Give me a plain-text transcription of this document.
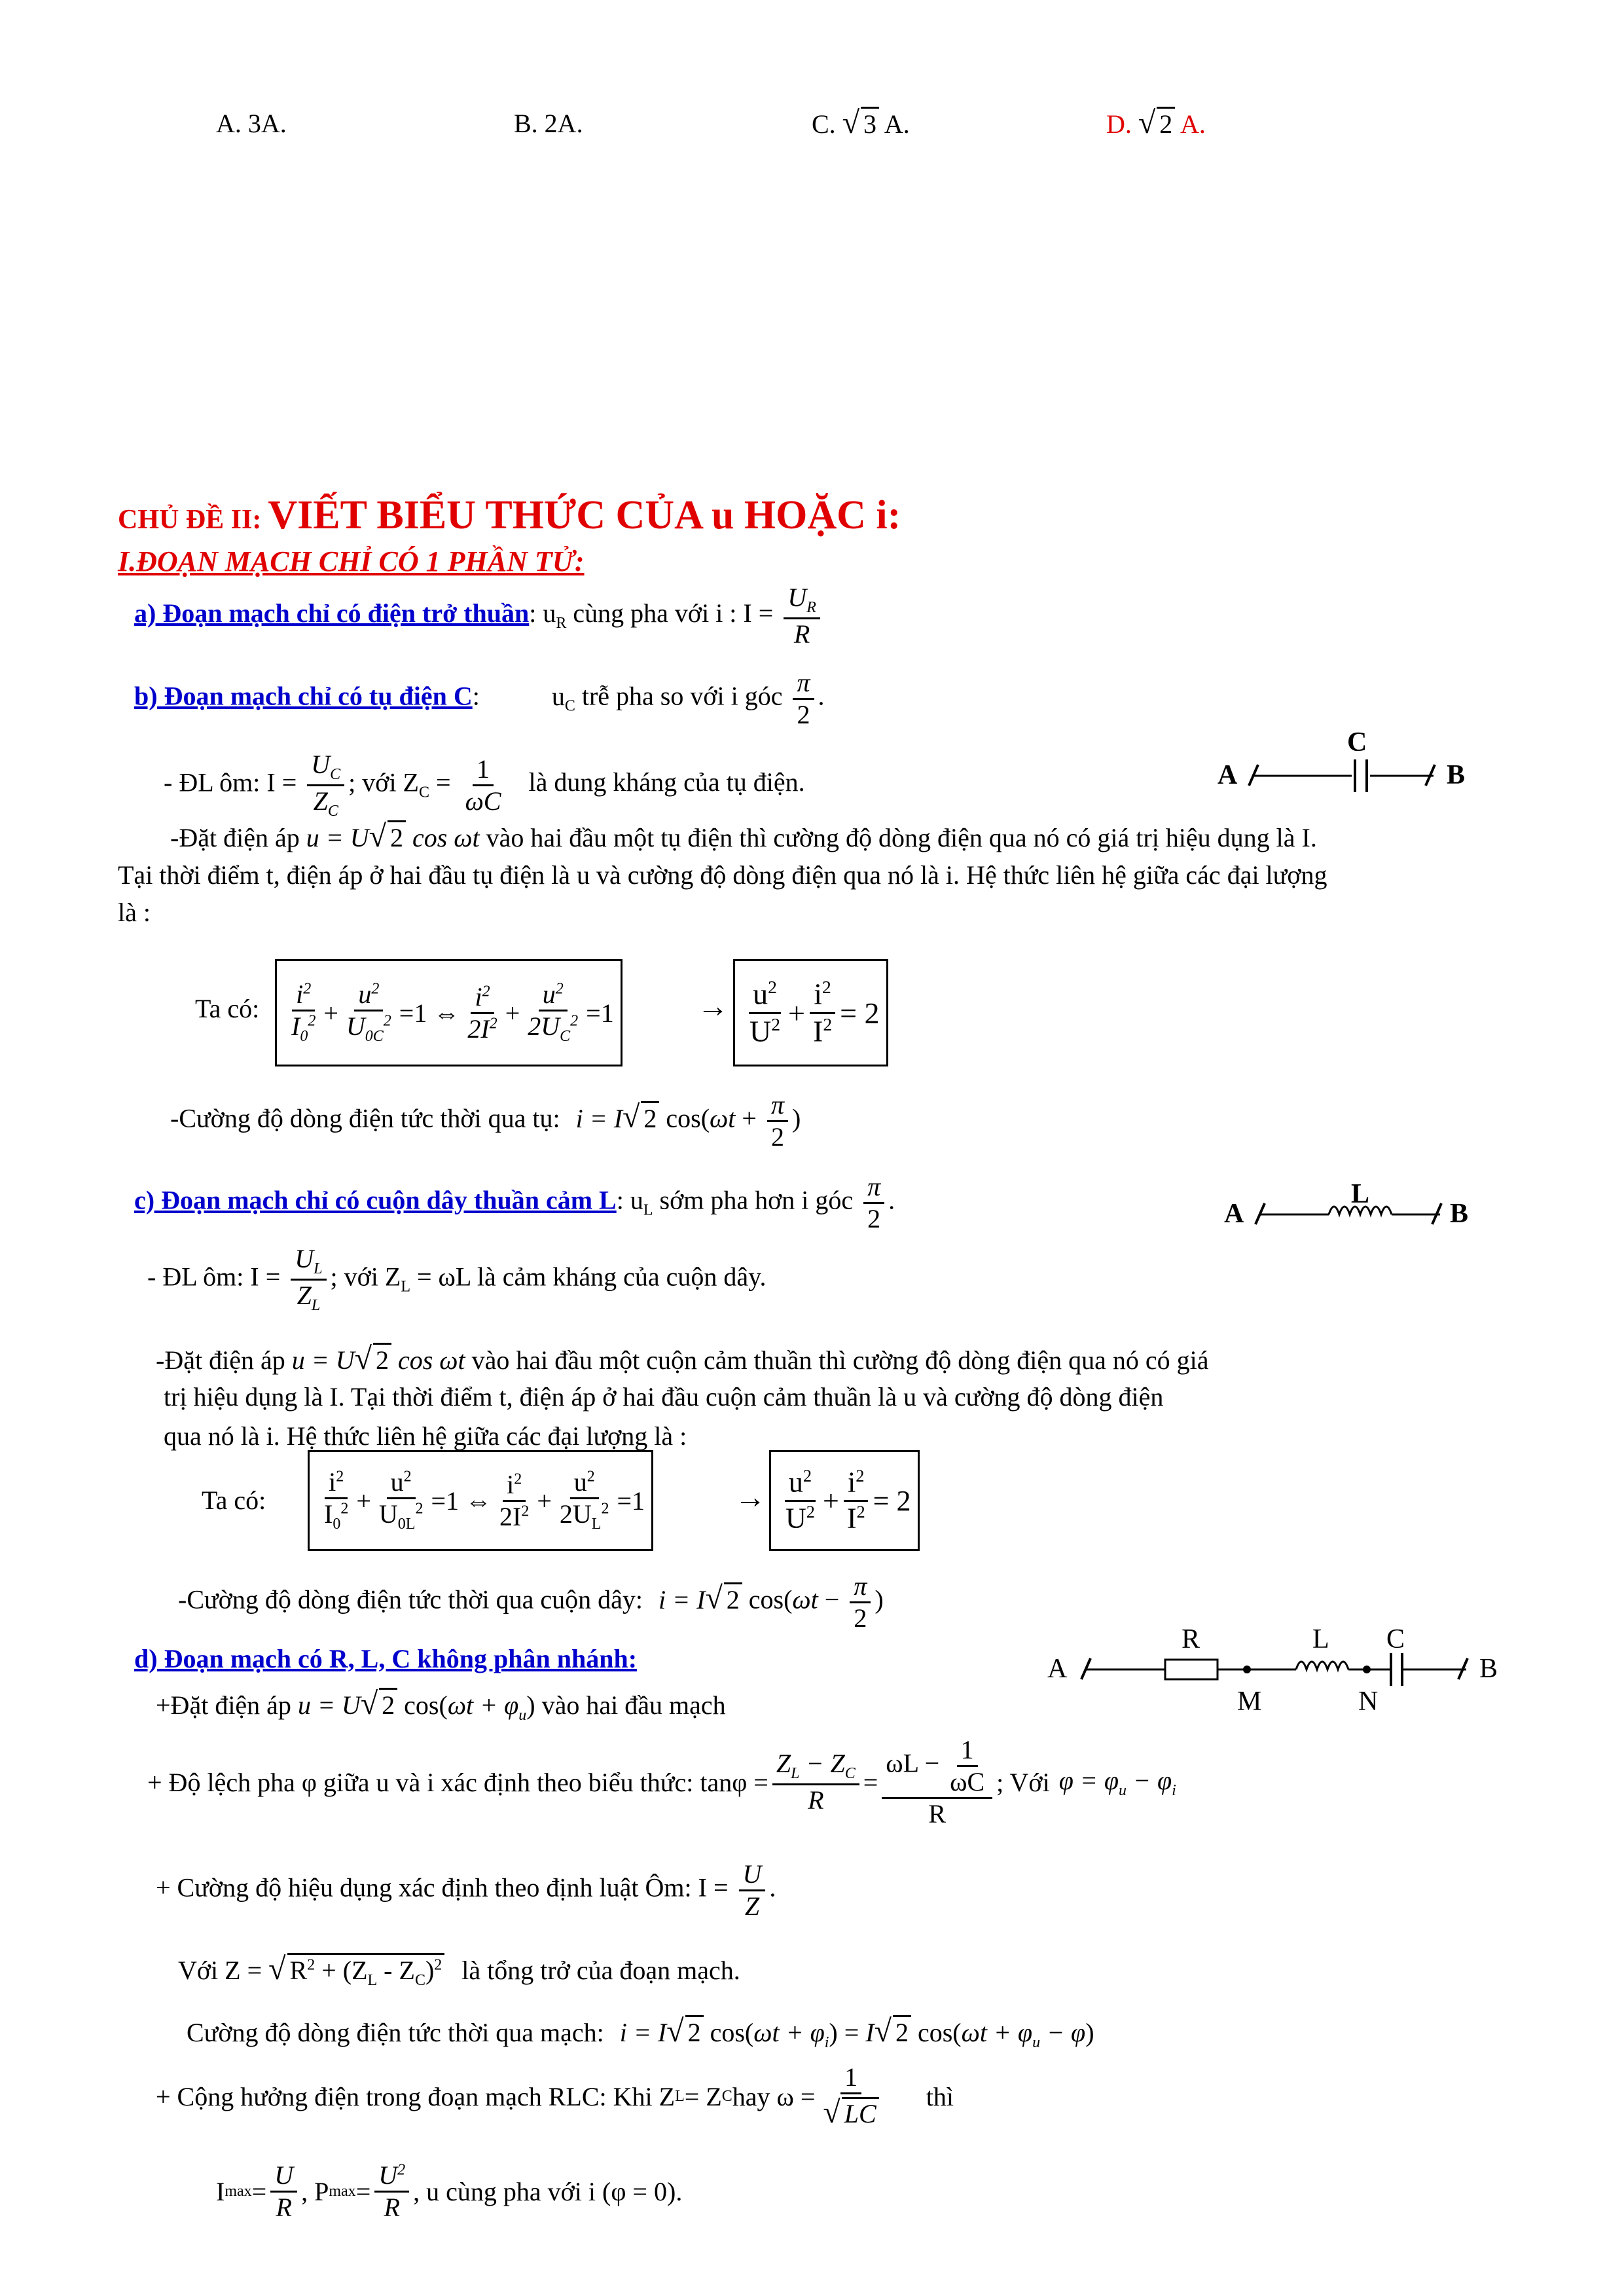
A. 3A.	B. 2A.	C. √ 3 A.	D. √ 2 A.
CHỦ ĐỀ II: VIẾT BIỂU THỨC CỦA u HOẶC i:
I.ĐOẠN MẠCH CHỈ CÓ 1 PHẦN TỬ:
a) Đoạn mạch chỉ có điện trở thuần: $u_R$ cùng pha với i : $I = \frac{U_R}{R}$
b) Đoạn mạch chỉ có tụ điện C:	$u_C$ trễ pha so với i góc $\frac{\pi}{2}$ .
- ĐL ôm: $I = \frac{U_C}{Z_C}$ ; với $Z_C = \frac{1}{\omega C}$ là dung kháng của tụ điện.	A
C
B
-Đặt điện áp u = U√ 2 cos ωt vào hai đầu một tụ điện thì cường độ dòng điện qua nó có giá trị hiệu dụng là I.
Tại thời điểm t, điện áp ở hai đầu tụ điện là u và cường độ dòng điện qua nó là i. Hệ thức liên hệ giữa các đại lượng
là :
Ta có: $\frac{i^2}{I_0^2} + \frac{u^2}{U_{0C}^2} =1$ ⇔ $\frac{i^2}{2I^2} + \frac{u^2}{2U_C^2} =1$	→ $\frac{u^2}{U^2} + \frac{i^2}{I^2} = 2$
-Cường độ dòng điện tức thời qua tụ: i = I√ 2 $\cos(\omega t + \frac{\pi}{2}$ )
c) Đoạn mạch chỉ có cuộn dây thuần cảm L: $u_L$ sớm pha hơn i góc $\frac{\pi}{2}$ .	A
L
B
- ĐL ôm: $I = \frac{U_L}{Z_L}$ ; với $Z_L = \omega L$ là cảm kháng của cuộn dây.
-Đặt điện áp u = U√ 2 cos ωt vào hai đầu một cuộn cảm thuần thì cường độ dòng điện qua nó có giá
trị hiệu dụng là I. Tại thời điểm t, điện áp ở hai đầu cuộn cảm thuần là u và cường độ dòng điện
qua nó là i. Hệ thức liên hệ giữa các đại lượng là :
Ta có: $\frac{i^2}{I_0^2} + \frac{u^2}{U_{0L}^2} =1$ ⇔ $\frac{i^2}{2I^2} + \frac{u^2}{2U_L^2} =1$	→ $\frac{u^2}{U^2} + \frac{i^2}{I^2} = 2$
-Cường độ dòng điện tức thời qua cuộn dây: i = I√ 2 $\cos(\omega t - \frac{\pi}{2}$ )
d) Đoạn mạch có R, L, C không phân nhánh:	A
R	L C
B
M	N
+Đặt điện áp u = U√ 2 $\cos(\omega t + \varphi_u)$ vào hai đầu mạch
+ Độ lệch pha φ giữa u và i xác định theo biểu thức: $\tan\varphi = \frac{Z_L - Z_C}{R} = \frac{\omega L - \frac{1}{\omega C}}{R}$ ; Với $\varphi = \varphi_u - \varphi_i$
+ Cường độ hiệu dụng xác định theo định luật Ôm: $I = \frac{U}{Z}$ .
Với Z = √ $R^2 + (Z_L - Z_C)^2$ là tổng trở của đoạn mạch.
Cường độ dòng điện tức thời qua mạch: i = I√ 2 $\cos(\omega t + \varphi_i) = I√$ 2 $\cos(\omega t + \varphi_u - \varphi)$
+ Cộng hưởng điện trong đoạn mạch RLC: Khi Z L = Z C hay $\omega = \frac{1}{√ LC}$ thì
I $\max = \frac{U}{R}$ , P $\max = \frac{U^2}{R}$ , u cùng pha với i (φ = 0).
